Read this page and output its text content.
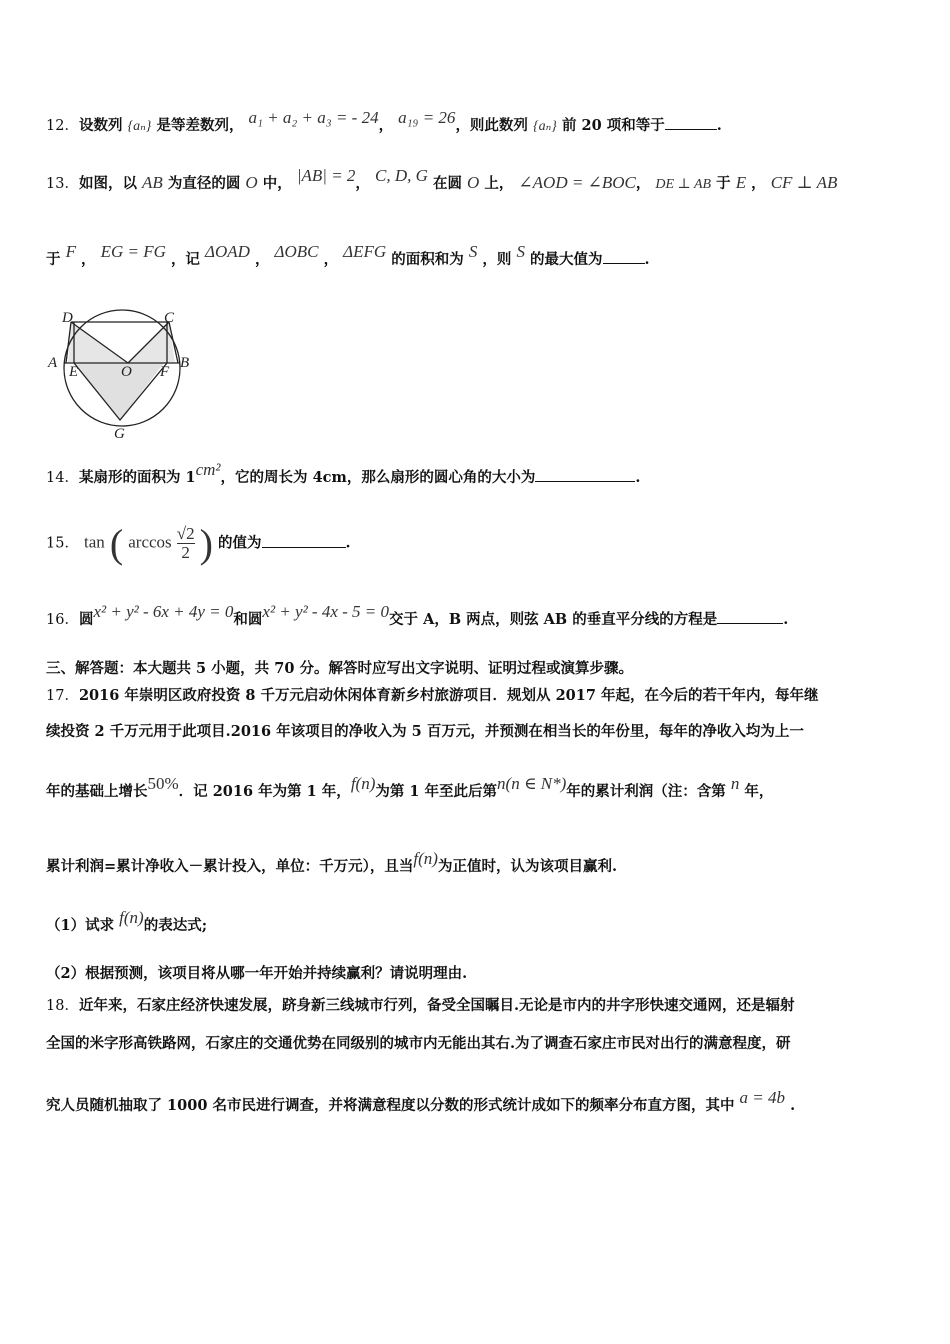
12．设数列 {aₙ} 是等差数列， a₁ + a₂ + a₃ = - 24， a₁₉ = 26，则此数列 {aₙ} 前 20 项和等于	.
13．如图，以 AB 为直径的圆 O 中， |AB| = 2， C, D, G 在圆 O 上， ∠AOD = ∠BOC， DE ⊥ AB 于 E ， CF ⊥ AB
于 F ， EG = FG ，记 ΔOAD ， ΔOBC ， ΔEFG 的面积和为 S ，则 S 的最大值为	.
D	C
A
E	O F
B
G
14．某扇形的面积为 1cm²，它的周长为 4cm，那么扇形的圆心角的大小为	.
15． tan ( $\arccos \frac{√2}{2}$ ) 的值为	.
16．圆x² + y² - 6x + 4y = 0和圆x² + y² - 4x - 5 = 0交于 A，B 两点，则弦 AB 的垂直平分线的方程是	.
三、解答题：本大题共 5 小题，共 70 分。解答时应写出文字说明、证明过程或演算步骤。
17．2016 年崇明区政府投资 8 千万元启动休闲体育新乡村旅游项目．规划从 2017 年起，在今后的若干年内，每年继
续投资 2 千万元用于此项目.2016 年该项目的净收入为 5 百万元，并预测在相当长的年份里，每年的净收入均为上一
年的基础上增长50%．记 2016 年为第 1 年，f(n)为第 1 年至此后第n(n ∈ N*)年的累计利润（注：含第 n 年，
累计利润=累计净收入－累计投入，单位：千万元），且当f(n)为正值时，认为该项目赢利.
（1）试求 f(n)的表达式;
（2）根据预测，该项目将从哪一年开始并持续赢利？请说明理由.
18．近年来，石家庄经济快速发展，跻身新三线城市行列，备受全国瞩目.无论是市内的井字形快速交通网，还是辐射
全国的米字形高铁路网，石家庄的交通优势在同级别的城市内无能出其右.为了调查石家庄市民对出行的满意程度，研
究人员随机抽取了 1000 名市民进行调查，并将满意程度以分数的形式统计成如下的频率分布直方图，其中 a = 4b .
